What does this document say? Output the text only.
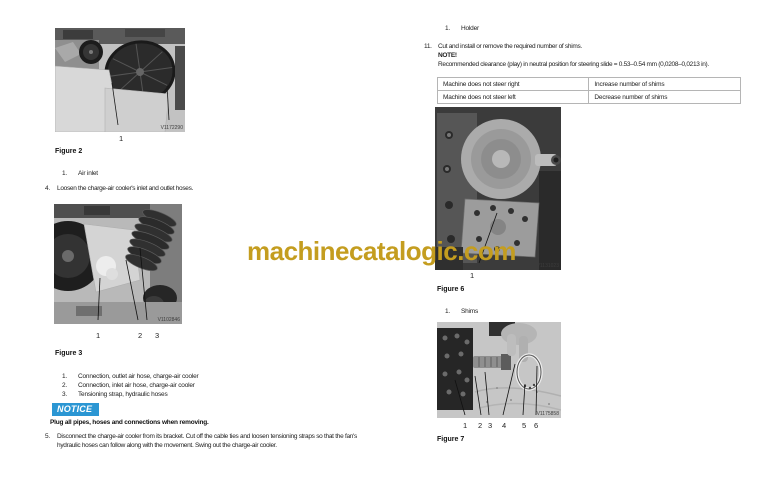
V1172290
1
Figure 2
1.	Air inlet
4. Loosen the charge-air cooler's inlet and outlet hoses.
V1102846
1	2 3
Figure 3
1.	Connection, outlet air hose, charge-air cooler
2.	Connection, inlet air hose, charge-air cooler
3.	Tensioning strap, hydraulic hoses
NOTICE
Plug all pipes, hoses and connections when removing.
5. Disconnect the charge-air cooler from its bracket. Cut off the cable ties and loosen tensioning straps so that the fan's hydraulic hoses can follow along with the movement. Swing out the charge-air cooler.
1.	Holder
11. Cut and install or remove the required number of shims.
NOTE!
Recommended clearance (play) in neutral position for steering slide = 0.53–0.54 mm (0,0208–0,0213 in).
Machine does not steer right	Increase number of shims
Machine does not steer left	Decrease number of shims
V1131023
1
Figure 6
1.	Shims
V1175858
1 2 3 4 5 6
Figure 7
machinecatalogic.com
